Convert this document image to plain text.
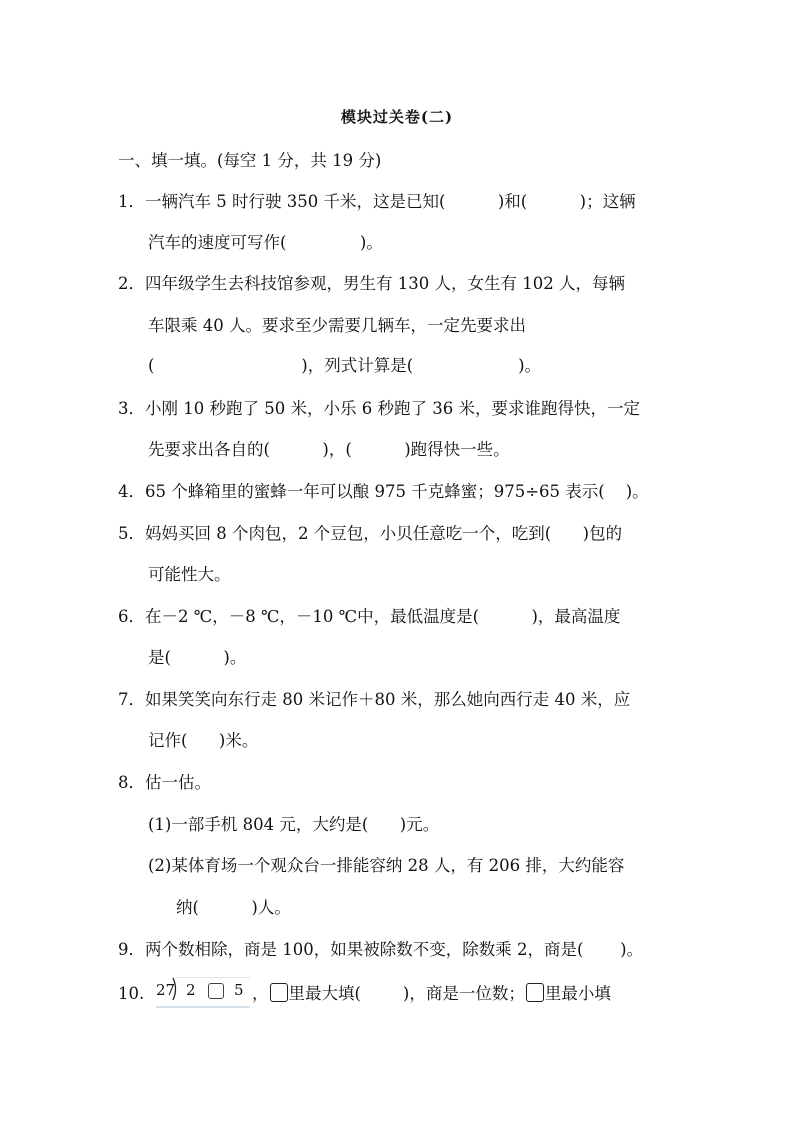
模块过关卷(二)
一、填一填。(每空 1 分，共 19 分)
1．一辆汽车 5 时行驶 350 千米，这是已知(          )和(          )；这辆
汽车的速度可写作(              )。
2．四年级学生去科技馆参观，男生有 130 人，女生有 102 人，每辆
车限乘 40 人。要求至少需要几辆车，一定先要求出
(                            )，列式计算是(                    )。
3．小刚 10 秒跑了 50 米，小乐 6 秒跑了 36 米，要求谁跑得快，一定
先要求出各自的(          )，(          )跑得快一些。
4．65 个蜂箱里的蜜蜂一年可以酿 975 千克蜂蜜；975÷65 表示(    )。
5．妈妈买回 8 个肉包，2 个豆包，小贝任意吃一个，吃到(      )包的
可能性大。
6．在－2 ℃，－8 ℃，－10 ℃中，最低温度是(          )，最高温度
是(          )。
7．如果笑笑向东行走 80 米记作＋80 米，那么她向西行走 40 米，应
记作(      )米。
8．估一估。
(1)一部手机 804 元，大约是(      )元。
(2)某体育场一个观众台一排能容纳 28 人，有 206 排，大约能容
纳(          )人。
9．两个数相除，商是 100，如果被除数不变，除数乘 2，商是(       )。
10. 27 2	5 ， 里最大填(        )，商是一位数； 里最小填
